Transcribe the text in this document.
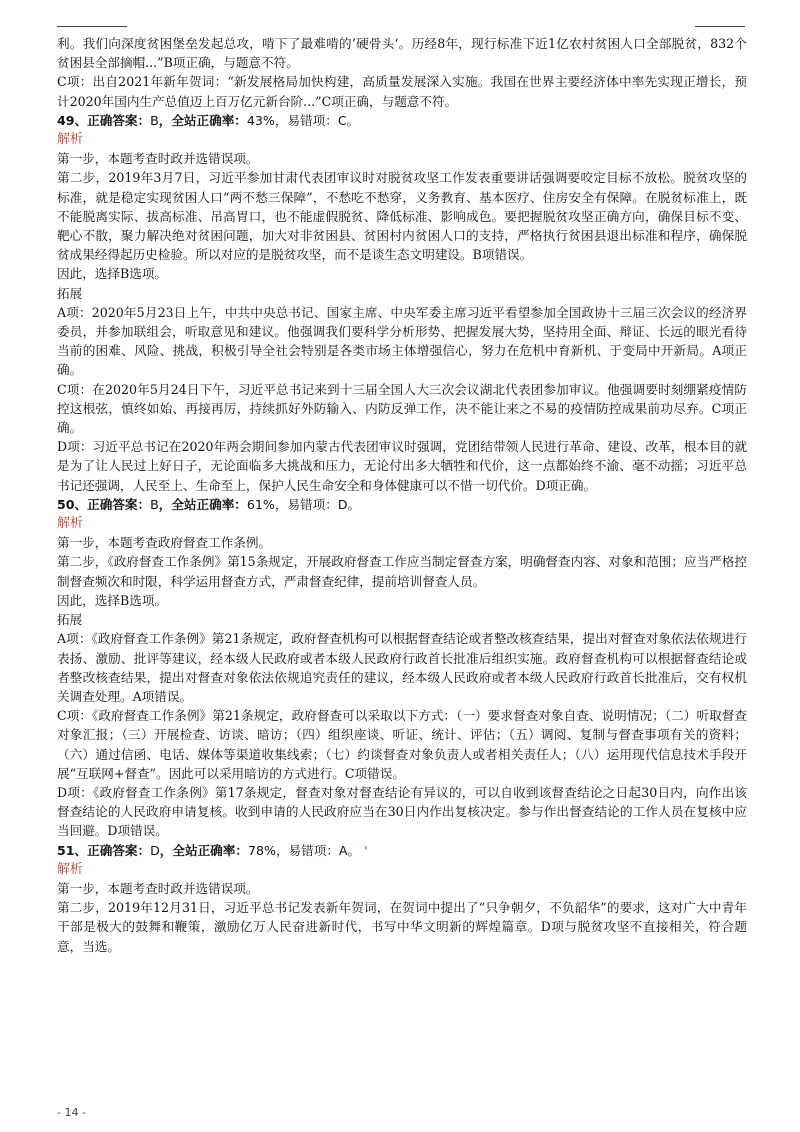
利。我们向深度贫困堡垒发起总攻，啃下了最难啃的’硬骨头‘。历经8年，现行标准下近1亿农村贫困人口全部脱贫，832个贫困县全部摘帽...”B项正确，与题意不符。

C项：出自2021年新年贺词：“新发展格局加快构建，高质量发展深入实施。我国在世界主要经济体中率先实现正增长，预计2020年国内生产总值迈上百万亿元新台阶...”C项正确，与题意不符。

49、正确答案：B，全站正确率：43%，易错项：C。

解析

第一步，本题考查时政并选错误项。

第二步，2019年3月7日，习近平参加甘肃代表团审议时对脱贫攻坚工作发表重要讲话强调要咬定目标不放松。脱贫攻坚的标准，就是稳定实现贫困人口“两不愁三保障”，不愁吃不愁穿，义务教育、基本医疗、住房安全有保障。在脱贫标准上，既不能脱离实际、拔高标准、吊高胃口，也不能虚假脱贫、降低标准、影响成色。要把握脱贫攻坚正确方向，确保目标不变、靶心不散，聚力解决绝对贫困问题，加大对非贫困县、贫困村内贫困人口的支持，严格执行贫困县退出标准和程序，确保脱贫成果经得起历史检验。所以对应的是脱贫攻坚，而不是谈生态文明建设。B项错误。

因此，选择B选项。

拓展

A项：2020年5月23日上午，中共中央总书记、国家主席、中央军委主席习近平看望参加全国政协十三届三次会议的经济界委员，并参加联组会，听取意见和建议。他强调我们要科学分析形势、把握发展大势，坚持用全面、辩证、长远的眼光看待当前的困难、风险、挑战，积极引导全社会特别是各类市场主体增强信心，努力在危机中育新机、于变局中开新局。A项正确。

C项：在2020年5月24日下午，习近平总书记来到十三届全国人大三次会议湖北代表团参加审议。他强调要时刻绷紧疫情防控这根弦，慎终如始、再接再厉，持续抓好外防输入、内防反弹工作，决不能让来之不易的疫情防控成果前功尽弃。C项正确。

D项：习近平总书记在2020年两会期间参加内蒙古代表团审议时强调，党团结带领人民进行革命、建设、改革，根本目的就是为了让人民过上好日子，无论面临多大挑战和压力，无论付出多大牺牲和代价，这一点都始终不渝、毫不动摇；习近平总书记还强调，人民至上、生命至上，保护人民生命安全和身体健康可以不惜一切代价。D项正确。

50、正确答案：B，全站正确率：61%，易错项：D。

解析

第一步，本题考查政府督查工作条例。

第二步，《政府督查工作条例》第15条规定，开展政府督查工作应当制定督查方案，明确督查内容、对象和范围；应当严格控制督查频次和时限，科学运用督查方式，严肃督查纪律，提前培训督查人员。

因此，选择B选项。

拓展

A项：《政府督查工作条例》第21条规定，政府督查机构可以根据督查结论或者整改核查结果，提出对督查对象依法依规进行表扬、激励、批评等建议，经本级人民政府或者本级人民政府行政首长批准后组织实施。政府督查机构可以根据督查结论或者整改核查结果，提出对督查对象依法依规追究责任的建议，经本级人民政府或者本级人民政府行政首长批准后，交有权机关调查处理。A项错误。

C项：《政府督查工作条例》第21条规定，政府督查可以采取以下方式：（一）要求督查对象自查、说明情况；（二）听取督查对象汇报；（三）开展检查、访谈、暗访；（四）组织座谈、听证、统计、评估；（五）调阅、复制与督查事项有关的资料；（六）通过信函、电话、媒体等渠道收集线索；（七）约谈督查对象负责人或者相关责任人；（八）运用现代信息技术手段开展“互联网+督查”。因此可以采用暗访的方式进行。C项错误。

D项：《政府督查工作条例》第17条规定，督查对象对督查结论有异议的，可以自收到该督查结论之日起30日内，向作出该督查结论的人民政府申请复核。收到申请的人民政府应当在30日内作出复核决定。参与作出督查结论的工作人员在复核中应当回避。D项错误。

51、正确答案：D，全站正确率：78%，易错项：A。 '

解析

第一步，本题考查时政并选错误项。

第二步，2019年12月31日，习近平总书记发表新年贺词，在贺词中提出了“只争朝夕，不负韶华”的要求，这对广大中青年干部是极大的鼓舞和鞭策，激励亿万人民奋进新时代，书写中华文明新的辉煌篇章。D项与脱贫攻坚不直接相关，符合题意，当选。

- 14 -
